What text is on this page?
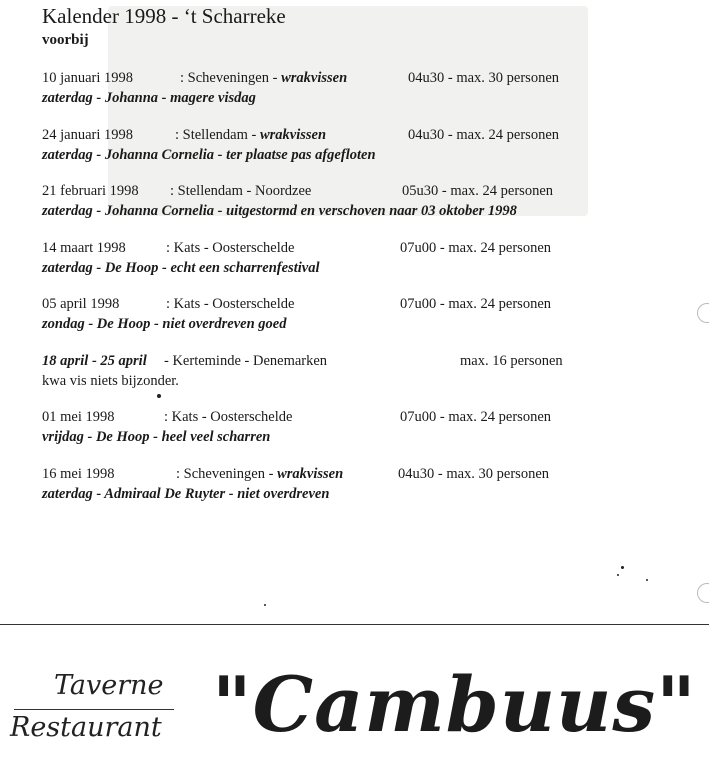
Kalender 1998 - ‘t Scharreke
voorbij
10 januari 1998	: Scheveningen - wrakvissen	04u30 - max. 30 personen
zaterdag - Johanna - magere visdag
24 januari 1998	: Stellendam - wrakvissen	04u30 - max. 24 personen
zaterdag - Johanna Cornelia - ter plaatse pas afgefloten
21 februari 1998 : Stellendam - Noordzee	05u30 - max. 24 personen
zaterdag - Johanna Cornelia - uitgestormd en verschoven naar 03 oktober 1998
14 maart 1998	: Kats - Oosterschelde	07u00 - max. 24 personen
zaterdag - De Hoop - echt een scharrenfestival
05 april 1998	: Kats - Oosterschelde	07u00 - max. 24 personen
zondag - De Hoop - niet overdreven goed
18 april - 25 april - Kerteminde - Denemarken	max. 16 personen
kwa vis niets bijzonder.
01 mei 1998	: Kats - Oosterschelde	07u00 - max. 24 personen
vrijdag - De Hoop - heel veel scharren
16 mei 1998	: Scheveningen - wrakvissen	04u30 - max. 30 personen
zaterdag - Admiraal De Ruyter - niet overdreven
Taverne
Restaurant "Cambuus"
